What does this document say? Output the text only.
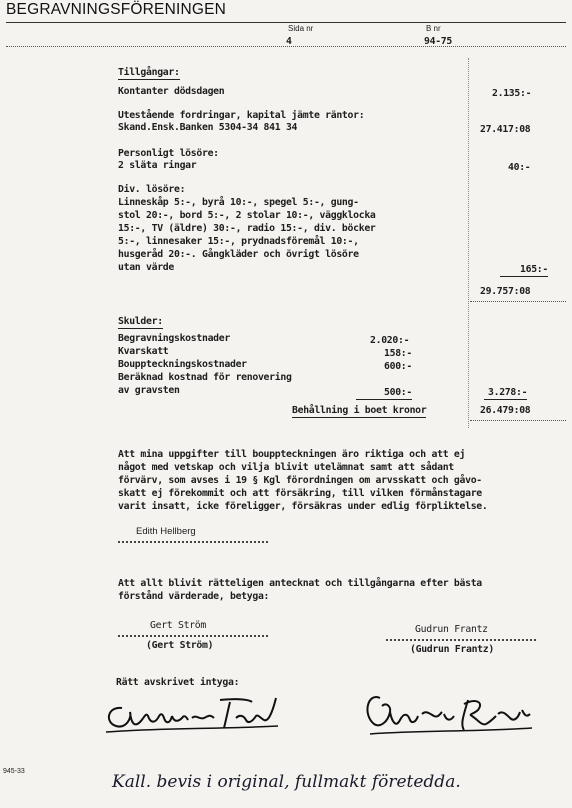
BEGRAVNINGSFÖRENINGEN
Sida nr
4
B nr
94-75
Tillgångar:
Kontanter dödsdagen	2.135:-
Utestående fordringar, kapital jämte räntor:
Skand.Ensk.Banken 5304-34 841 34	27.417:08
Personligt lösöre:
2 släta ringar	40:-
Div. lösöre:
Linneskåp 5:-, byrå 10:-, spegel 5:-, gung-
stol 20:-, bord 5:-, 2 stolar 10:-, väggklocka
15:-, TV (äldre) 30:-, radio 15:-, div. böcker
5:-, linnesaker 15:-, prydnadsföremål 10:-,
husgeråd 20:-. Gångkläder och övrigt lösöre
utan värde	165:-
29.757:08
Skulder:
Begravningskostnader	2.020:-
Kvarskatt	158:-
Bouppteckningskostnader	600:-
Beräknad kostnad för renovering
av gravsten	500:-	3.278:-
Behållning i boet kronor	26.479:08
Att mina uppgifter till bouppteckningen äro riktiga och att ej
något med vetskap och vilja blivit utelämnat samt att sådant
förvärv, som avses i 19 § Kgl förordningen om arvsskatt och gåvo-
skatt ej förekommit och att försäkring, till vilken förmånstagare
varit insatt, icke föreligger, försäkras under edlig förpliktelse.
Edith Hellberg
Att allt blivit rätteligen antecknat och tillgångarna efter bästa
förstånd värderade, betyga:
Gert Ström
(Gert Ström)
Gudrun Frantz
(Gudrun Frantz)
Rätt avskrivet intyga:
945-33
Kall. bevis i original, fullmakt företedda.
